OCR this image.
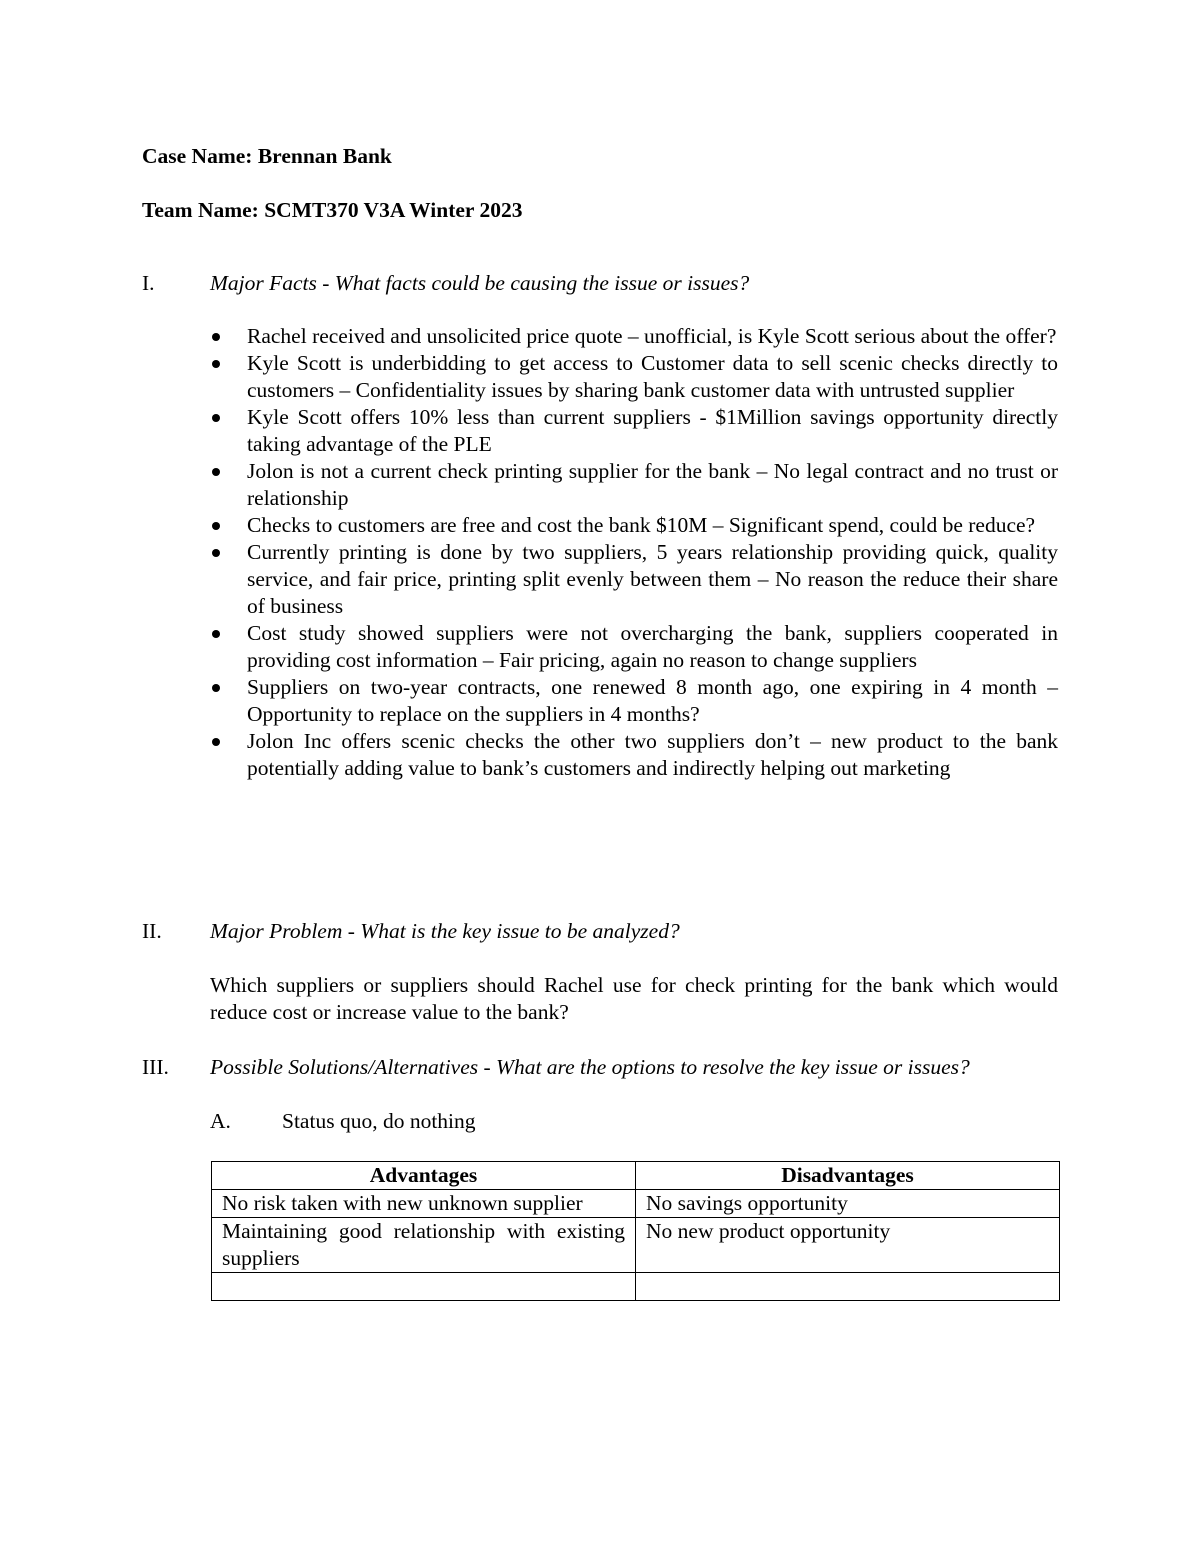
Case Name: Brennan Bank
Team Name: SCMT370 V3A Winter 2023
I.	Major Facts - What facts could be causing the issue or issues?
Rachel received and unsolicited price quote – unofficial, is Kyle Scott serious about the offer?
Kyle Scott is underbidding to get access to Customer data to sell scenic checks directly to customers – Confidentiality issues by sharing bank customer data with untrusted supplier
Kyle Scott offers 10% less than current suppliers - $1Million savings opportunity directly taking advantage of the PLE
Jolon is not a current check printing supplier for the bank – No legal contract and no trust or relationship
Checks to customers are free and cost the bank $10M – Significant spend, could be reduce?
Currently printing is done by two suppliers, 5 years relationship providing quick, quality service, and fair price, printing split evenly between them – No reason the reduce their share of business
Cost study showed suppliers were not overcharging the bank, suppliers cooperated in providing cost information – Fair pricing, again no reason to change suppliers
Suppliers on two-year contracts, one renewed 8 month ago, one expiring in 4 month – Opportunity to replace on the suppliers in 4 months?
Jolon Inc offers scenic checks the other two suppliers don’t – new product to the bank potentially adding value to bank’s customers and indirectly helping out marketing
II. Major Problem - What is the key issue to be analyzed?

Which suppliers or suppliers should Rachel use for check printing for the bank which would reduce cost or increase value to the bank?

III. Possible Solutions/Alternatives - What are the options to resolve the key issue or issues?
A. Status quo, do nothing
Advantages	Disadvantages
No risk taken with new unknown supplier	No savings opportunity
Maintaining good relationship with existing suppliers	No new product opportunity
